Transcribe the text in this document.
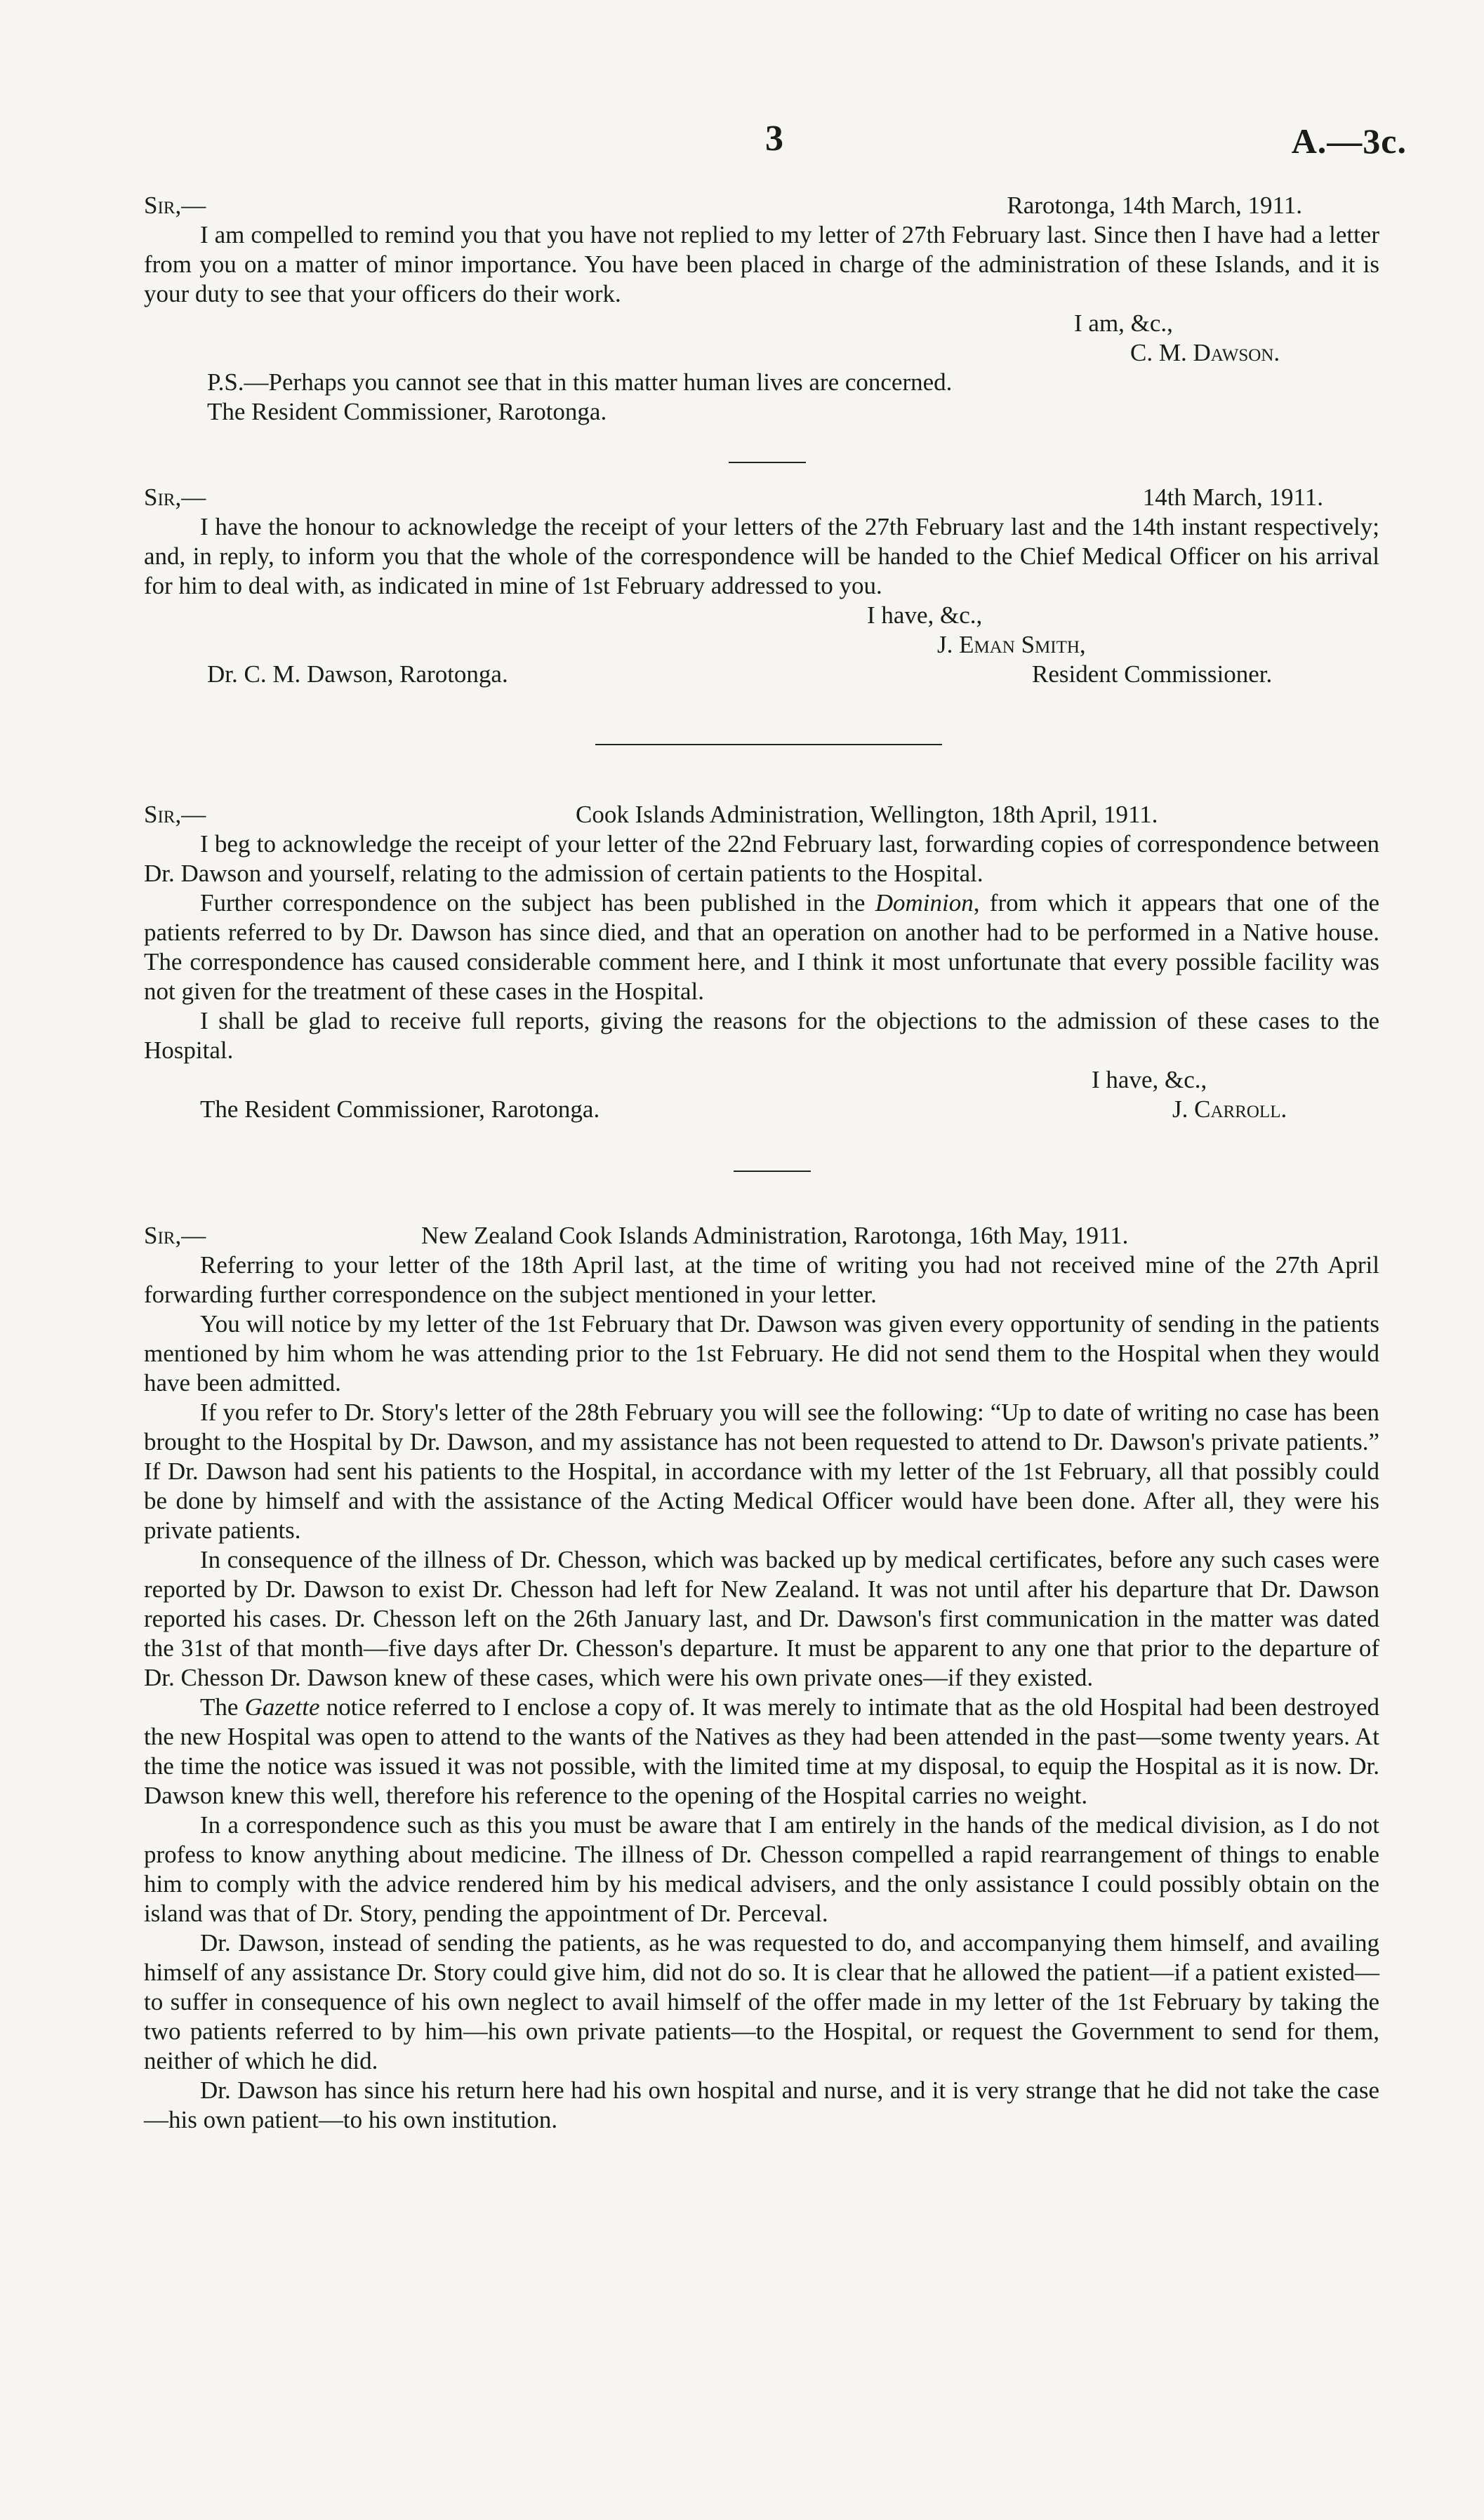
3	A.—3c.
Sir,—	Rarotonga, 14th March, 1911.

I am compelled to remind you that you have not replied to my letter of 27th February last. Since then I have had a letter from you on a matter of minor importance. You have been placed in charge of the administration of these Islands, and it is your duty to see that your officers do their work.

I am, &c.,
C. M. Dawson.

P.S.—Perhaps you cannot see that in this matter human lives are concerned.

The Resident Commissioner, Rarotonga.

Sir,—	14th March, 1911.

I have the honour to acknowledge the receipt of your letters of the 27th February last and the 14th instant respectively; and, in reply, to inform you that the whole of the correspondence will be handed to the Chief Medical Officer on his arrival for him to deal with, as indicated in mine of 1st February addressed to you.

I have, &c.,
J. Eman Smith,
Dr. C. M. Dawson, Rarotonga.	Resident Commissioner.
Sir,—	Cook Islands Administration, Wellington, 18th April, 1911.

I beg to acknowledge the receipt of your letter of the 22nd February last, forwarding copies of correspondence between Dr. Dawson and yourself, relating to the admission of certain patients to the Hospital.

Further correspondence on the subject has been published in the Dominion, from which it appears that one of the patients referred to by Dr. Dawson has since died, and that an operation on another had to be performed in a Native house. The correspondence has caused considerable comment here, and I think it most unfortunate that every possible facility was not given for the treatment of these cases in the Hospital.

I shall be glad to receive full reports, giving the reasons for the objections to the admission of these cases to the Hospital.

I have, &c.,
The Resident Commissioner, Rarotonga.	J. Carroll.
Sir,—	New Zealand Cook Islands Administration, Rarotonga, 16th May, 1911.

Referring to your letter of the 18th April last, at the time of writing you had not received mine of the 27th April forwarding further correspondence on the subject mentioned in your letter.

You will notice by my letter of the 1st February that Dr. Dawson was given every opportunity of sending in the patients mentioned by him whom he was attending prior to the 1st February. He did not send them to the Hospital when they would have been admitted.

If you refer to Dr. Story's letter of the 28th February you will see the following: “Up to date of writing no case has been brought to the Hospital by Dr. Dawson, and my assistance has not been requested to attend to Dr. Dawson's private patients.” If Dr. Dawson had sent his patients to the Hospital, in accordance with my letter of the 1st February, all that possibly could be done by himself and with the assistance of the Acting Medical Officer would have been done. After all, they were his private patients.

In consequence of the illness of Dr. Chesson, which was backed up by medical certificates, before any such cases were reported by Dr. Dawson to exist Dr. Chesson had left for New Zealand. It was not until after his departure that Dr. Dawson reported his cases. Dr. Chesson left on the 26th January last, and Dr. Dawson's first communication in the matter was dated the 31st of that month—five days after Dr. Chesson's departure. It must be apparent to any one that prior to the departure of Dr. Chesson Dr. Dawson knew of these cases, which were his own private ones—if they existed.

The Gazette notice referred to I enclose a copy of. It was merely to intimate that as the old Hospital had been destroyed the new Hospital was open to attend to the wants of the Natives as they had been attended in the past—some twenty years. At the time the notice was issued it was not possible, with the limited time at my disposal, to equip the Hospital as it is now. Dr. Dawson knew this well, therefore his reference to the opening of the Hospital carries no weight.

In a correspondence such as this you must be aware that I am entirely in the hands of the medical division, as I do not profess to know anything about medicine. The illness of Dr. Chesson compelled a rapid rearrangement of things to enable him to comply with the advice rendered him by his medical advisers, and the only assistance I could possibly obtain on the island was that of Dr. Story, pending the appointment of Dr. Perceval.

Dr. Dawson, instead of sending the patients, as he was requested to do, and accompanying them himself, and availing himself of any assistance Dr. Story could give him, did not do so. It is clear that he allowed the patient—if a patient existed—to suffer in consequence of his own neglect to avail himself of the offer made in my letter of the 1st February by taking the two patients referred to by him—his own private patients—to the Hospital, or request the Government to send for them, neither of which he did.

Dr. Dawson has since his return here had his own hospital and nurse, and it is very strange that he did not take the case—his own patient—to his own institution.
